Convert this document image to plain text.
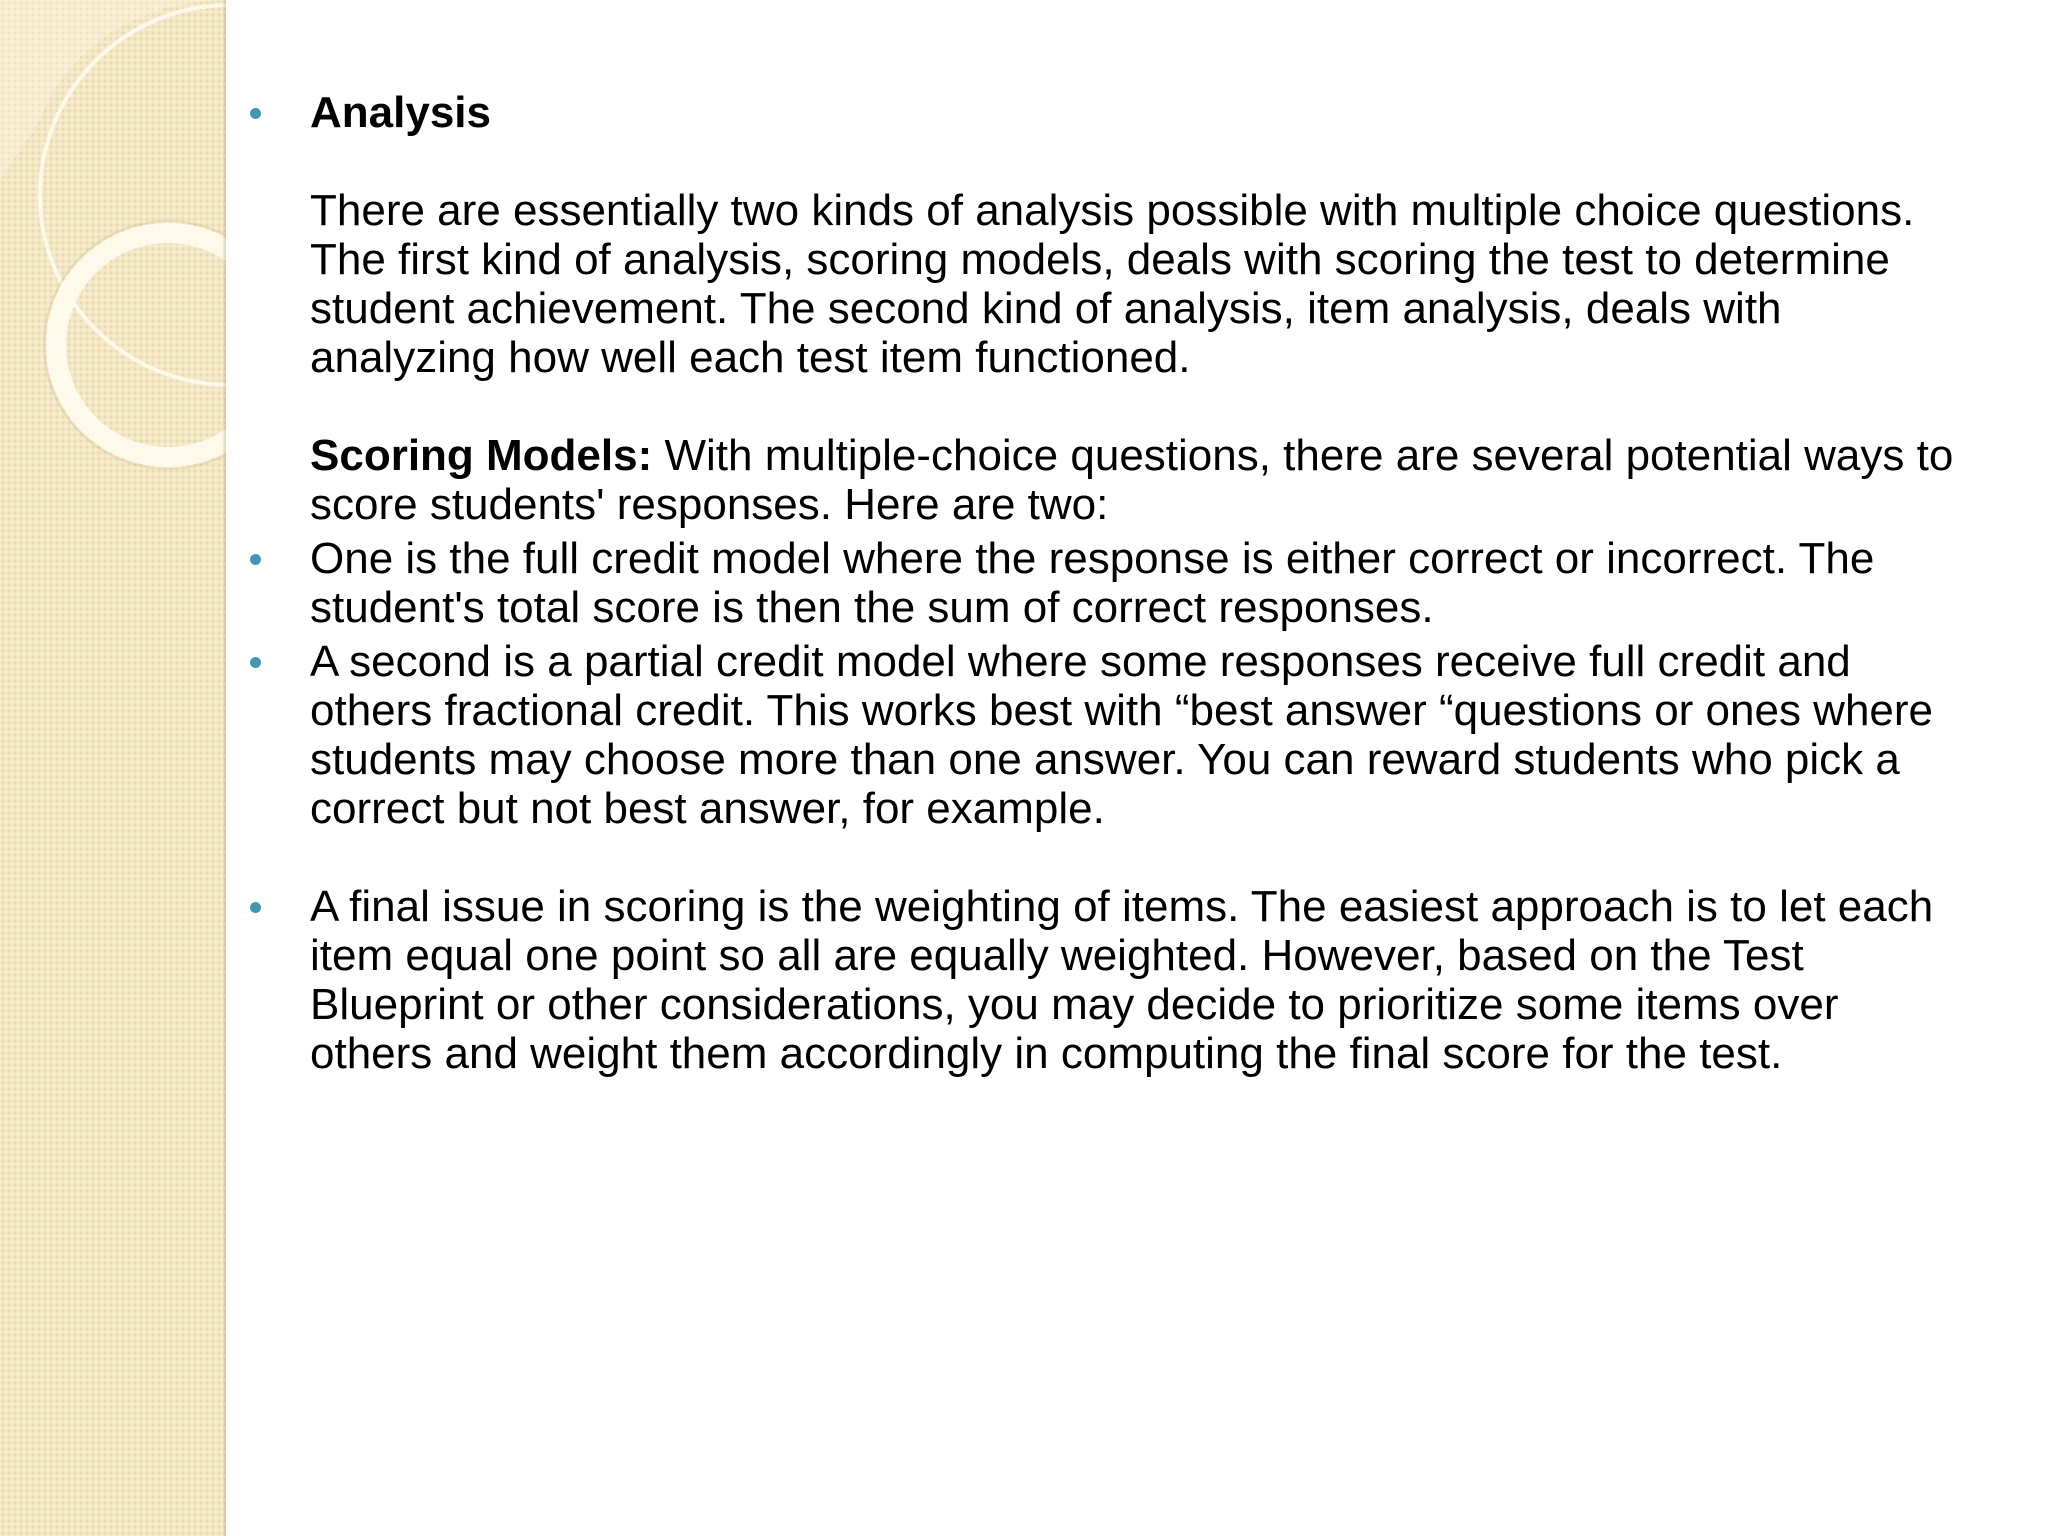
Analysis

There are essentially two kinds of analysis possible with multiple choice questions. The first kind of analysis, scoring models, deals with scoring the test to determine student achievement. The second kind of analysis, item analysis, deals with analyzing how well each test item functioned.

Scoring Models: With multiple-choice questions, there are several potential ways to score students' responses. Here are two:

One is the full credit model where the response is either correct or incorrect. The student's total score is then the sum of correct responses.

A second is a partial credit model where some responses receive full credit and others fractional credit. This works best with “best answer “questions or ones where students may choose more than one answer. You can reward students who pick a correct but not best answer, for example.

A final issue in scoring is the weighting of items. The easiest approach is to let each item equal one point so all are equally weighted. However, based on the Test Blueprint or other considerations, you may decide to prioritize some items over others and weight them accordingly in computing the final score for the test.
